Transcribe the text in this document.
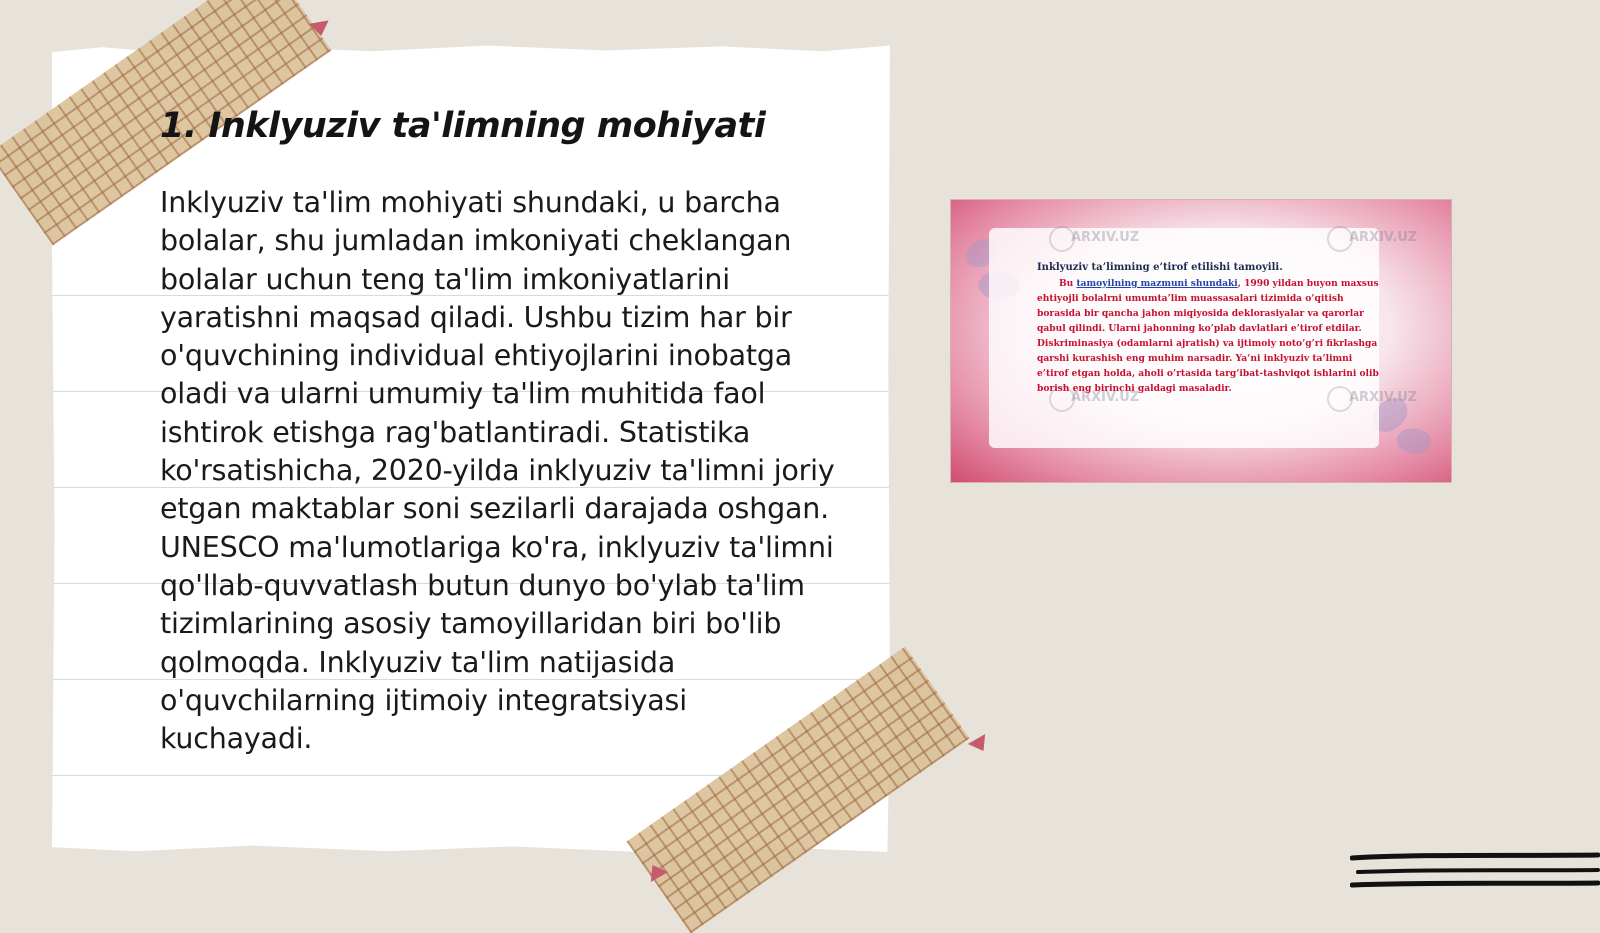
1. Inklyuziv ta'limning mohiyati

Inklyuziv ta'lim mohiyati shundaki, u barcha bolalar, shu jumladan imkoniyati cheklangan bolalar uchun teng ta'lim imkoniyatlarini yaratishni maqsad qiladi. Ushbu tizim har bir o'quvchining individual ehtiyojlarini inobatga oladi va ularni umumiy ta'lim muhitida faol ishtirok etishga rag'batlantiradi. Statistika ko'rsatishicha, 2020-yilda inklyuziv ta'limni joriy etgan maktablar soni sezilarli darajada oshgan. UNESCO ma'lumotlariga ko'ra, inklyuziv ta'limni qo'llab-quvvatlash butun dunyo bo'ylab ta'lim tizimlarining asosiy tamoyillaridan biri bo'lib qolmoqda. Inklyuziv ta'lim natijasida o'quvchilarning ijtimoiy integratsiyasi kuchayadi.

ARXIV.UZ	ARXIV.UZ
ARXIV.UZ	ARXIV.UZ

Inklyuziv ta’limning e’tirof etilishi tamoyili.

Bu tamoyilning mazmuni shundaki, 1990 yildan buyon maxsus ehtiyojli bolalrni umumta’lim muassasalari tizimida o’qitish borasida bir qancha jahon miqiyosida deklorasiyalar va qarorlar qabul qilindi. Ularni jahonning ko’plab davlatlari e’tirof etdilar. Diskriminasiya (odamlarni ajratish) va ijtimoiy noto’g’ri fikrlashga qarshi kurashish eng muhim narsadir. Ya’ni inklyuziv ta’limni e’tirof etgan holda, aholi o’rtasida targ’ibat-tashviqot ishlarini olib borish eng birinchi galdagi masaladir.
